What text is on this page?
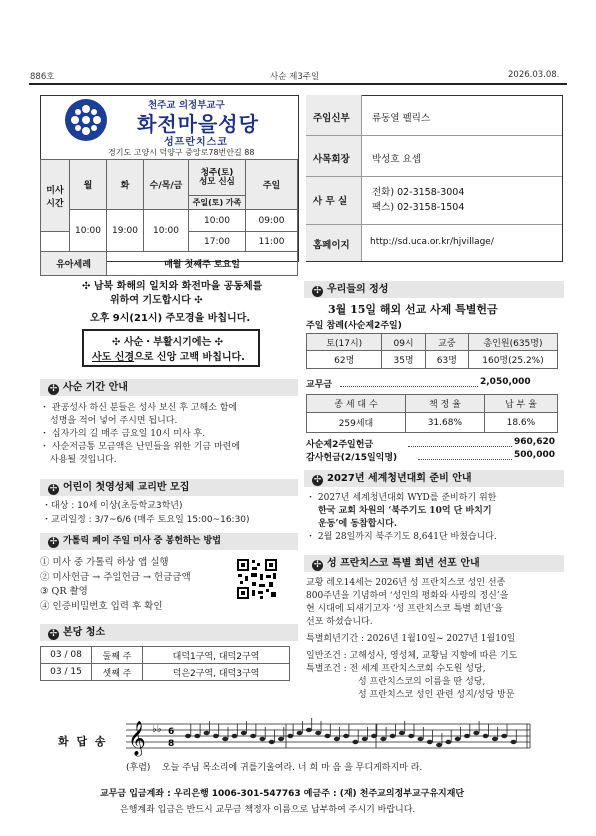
886호	사순 제3주일	2026.03.08.
천주교 의정부교구
화전마을성당
성프란치스코
경기도 고양시 덕양구 중앙로78번안길 88
미사
시간	월	화	수/목/금	청주(토)
성모 신심	주일
				주일(토) 가족	
	10:00	19:00	10:00	10:00	09:00
				17:00	11:00
유아세례		매월 첫째주 토요일			
주임신부 류동열 펠릭스
사목회장 박성호 요셉
사 무 실
전화) 02-3158-3004
팩스) 02-3158-1504
홈페이지 http://sd.uca.or.kr/hjvillage/
✣ 남북 화해의 일치와 화전마을 공동체를
위하여 기도합시다 ✣
오후 9시(21시) 주모경을 바칩니다.
✣ 사순・부활시기에는 ✣
사도 신경으로 신앙 고백 바칩니다.
✢ 사순 기간 안내
・ 관공성사 하신 분들은 성사 보신 후 고해소 함에
성명을 적어 넣어 주시면 됩니다.
・ 십자가의 길 매주 금요일 10시 미사 후.
・ 사순저금통 모금액은 난민들을 위한 기금 마련에
사용될 것입니다.
✢ 어린이 첫영성체 교리반 모집
・대상 : 10세 이상(초등학교3학년)
・교리일정 : 3/7~6/6 (매주 토요일 15:00~16:30)
✢ 가톨릭 페이 주일 미사 중 봉헌하는 방법
① 미사 중 가톨릭 하상 앱 실행
② 미사헌금 → 주일헌금 → 헌금금액
③ QR 촬영
④ 인증비밀번호 입력 후 확인
✢ 본당 청소
03 / 08	둘째 주	대덕1구역, 대덕2구역
03 / 15	셋째 주	덕은2구역, 대덕3구역
✢ 우리들의 정성
3월 15일 해외 선교 사제 특별헌금
주일 참례(사순제2주일)
토(17시)	09시	교중	총인원(635명)
62명	35명	63명	160명(25.2%)
교무금	2,050,000
종 세 대 수	책 정 율	납 부 율
259세대	31.68%	18.6%
사순제2주일헌금	960,620
감사헌금(2/15일익명)	500,000
✢ 2027년 세계청년대회 준비 안내
・ 2027년 세계청년대회 WYD를 준비하기 위한
한국 교회 차원의 ‘북주기도 10억 단 바치기
운동’에 동참합시다.
・ 2월 28일까지 북주기도 8,641단 바쳤습니다.
✢ 성 프란치스코 특별 희년 선포 안내
교황 레오14세는 2026년 성 프란치스코 성인 선종
800주년을 기념하여 ‘성인의 평화와 사랑의 정신’을
현 시대에 되새기고자 ‘성 프란치스코 특별 희년’을
선포 하셨습니다.
특별희년기간 : 2026년 1월10일~ 2027년 1월10일
일반조건 : 고해성사, 영성체, 교황님 지향에 따른 기도
특별조건 : 전 세계 프란치스코회 수도원 성당,
성 프란치스코의 이름을 딴 성당,
성 프란치스코 성인 관련 성지/성당 방문
화 답 송 𝄞 ♭♭ 6
8
(후렴) 오늘 주님 목소리에 귀를기울여라. 너 희 마 음 을 무디게하지마 라.
교무금 입금계좌 : 우리은행 1006-301-547763 예금주 : (재) 천주교의정부교구유지재단
은행계좌 입금은 반드시 교무금 책정자 이름으로 납부하여 주시기 바랍니다.
